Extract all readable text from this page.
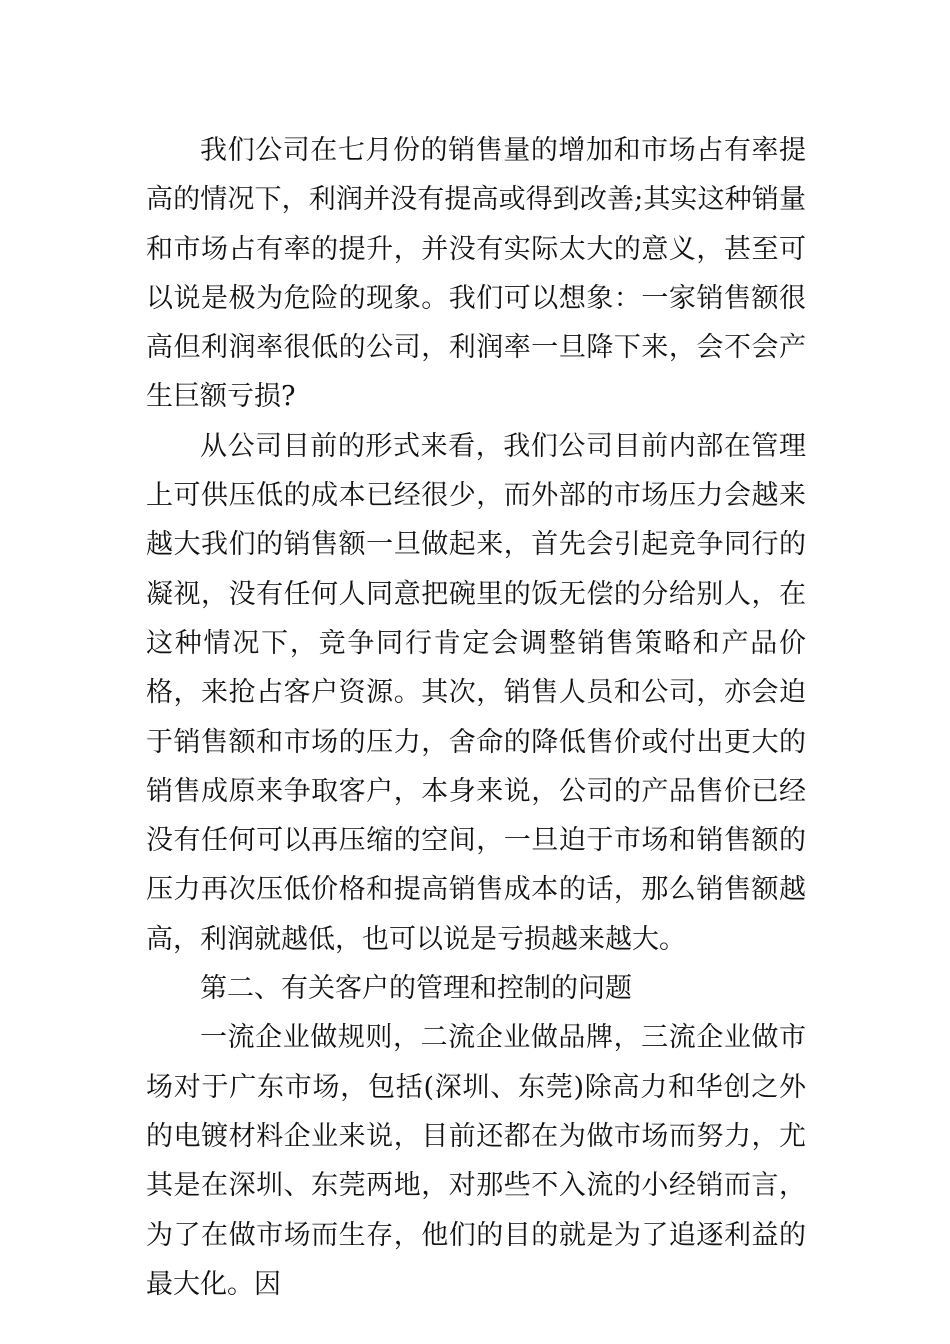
我们公司在七月份的销售量的增加和市场占有率提高的情况下，利润并没有提高或得到改善;其实这种销量和市场占有率的提升，并没有实际太大的意义，甚至可以说是极为危险的现象。我们可以想象：一家销售额很高但利润率很低的公司，利润率一旦降下来，会不会产生巨额亏损?

从公司目前的形式来看，我们公司目前内部在管理上可供压低的成本已经很少，而外部的市场压力会越来越大我们的销售额一旦做起来，首先会引起竞争同行的凝视，没有任何人同意把碗里的饭无偿的分给别人，在这种情况下，竞争同行肯定会调整销售策略和产品价格，来抢占客户资源。其次，销售人员和公司，亦会迫于销售额和市场的压力，舍命的降低售价或付出更大的销售成原来争取客户，本身来说，公司的产品售价已经没有任何可以再压缩的空间，一旦迫于市场和销售额的压力再次压低价格和提高销售成本的话，那么销售额越高，利润就越低，也可以说是亏损越来越大。

第二、有关客户的管理和控制的问题

一流企业做规则，二流企业做品牌，三流企业做市场对于广东市场，包括(深圳、东莞)除高力和华创之外的电镀材料企业来说，目前还都在为做市场而努力，尤其是在深圳、东莞两地，对那些不入流的小经销而言，为了在做市场而生存，他们的目的就是为了追逐利益的最大化。因
